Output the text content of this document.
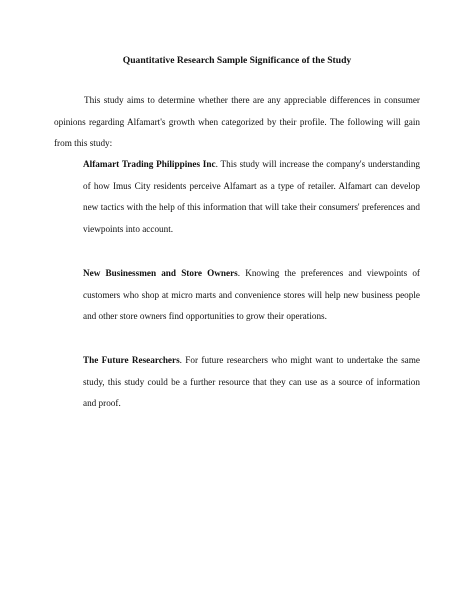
Quantitative Research Sample Significance of the Study

This study aims to determine whether there are any appreciable differences in consumer opinions regarding Alfamart's growth when categorized by their profile. The following will gain from this study:

Alfamart Trading Philippines Inc. This study will increase the company's understanding of how Imus City residents perceive Alfamart as a type of retailer. Alfamart can develop new tactics with the help of this information that will take their consumers' preferences and viewpoints into account.

New Businessmen and Store Owners. Knowing the preferences and viewpoints of customers who shop at micro marts and convenience stores will help new business people and other store owners find opportunities to grow their operations.

The Future Researchers. For future researchers who might want to undertake the same study, this study could be a further resource that they can use as a source of information and proof.
